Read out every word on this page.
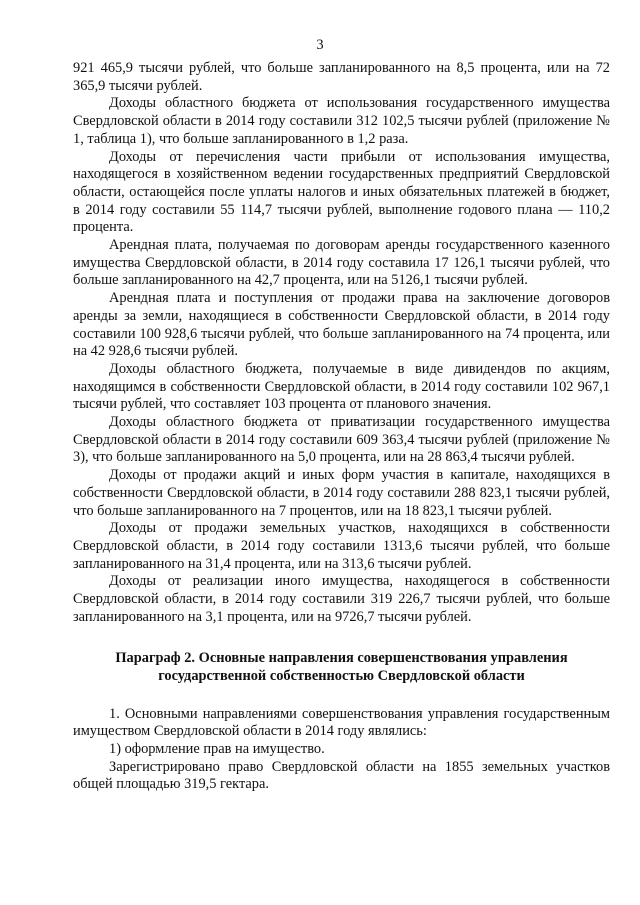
3

921 465,9 тысячи рублей, что больше запланированного на 8,5 процента, или на 72 365,9 тысячи рублей.

Доходы областного бюджета от использования государственного имущества Свердловской области в 2014 году составили 312 102,5 тысячи рублей (приложение № 1, таблица 1), что больше запланированного в 1,2 раза.

Доходы от перечисления части прибыли от использования имущества, находящегося в хозяйственном ведении государственных предприятий Свердловской области, остающейся после уплаты налогов и иных обязательных платежей в бюджет, в 2014 году составили 55 114,7 тысячи рублей, выполнение годового плана — 110,2 процента.

Арендная плата, получаемая по договорам аренды государственного казенного имущества Свердловской области, в 2014 году составила 17 126,1 тысячи рублей, что больше запланированного на 42,7 процента, или на 5126,1 тысячи рублей.

Арендная плата и поступления от продажи права на заключение договоров аренды за земли, находящиеся в собственности Свердловской области, в 2014 году составили 100 928,6 тысячи рублей, что больше запланированного на 74 процента, или на 42 928,6 тысячи рублей.

Доходы областного бюджета, получаемые в виде дивидендов по акциям, находящимся в собственности Свердловской области, в 2014 году составили 102 967,1 тысячи рублей, что составляет 103 процента от планового значения.

Доходы областного бюджета от приватизации государственного имущества Свердловской области в 2014 году составили 609 363,4 тысячи рублей (приложение № 3), что больше запланированного на 5,0 процента, или на 28 863,4 тысячи рублей.

Доходы от продажи акций и иных форм участия в капитале, находящихся в собственности Свердловской области, в 2014 году составили 288 823,1 тысячи рублей, что больше запланированного на 7 процентов, или на 18 823,1 тысячи рублей.

Доходы от продажи земельных участков, находящихся в собственности Свердловской области, в 2014 году составили 1313,6 тысячи рублей, что больше запланированного на 31,4 процента, или на 313,6 тысячи рублей.

Доходы от реализации иного имущества, находящегося в собственности Свердловской области, в 2014 году составили 319 226,7 тысячи рублей, что больше запланированного на 3,1 процента, или на 9726,7 тысячи рублей.

Параграф 2. Основные направления совершенствования управления
государственной собственностью Свердловской области

1. Основными направлениями совершенствования управления государственным имуществом Свердловской области в 2014 году являлись:

1) оформление прав на имущество.

Зарегистрировано право Свердловской области на 1855 земельных участков общей площадью 319,5 гектара.
